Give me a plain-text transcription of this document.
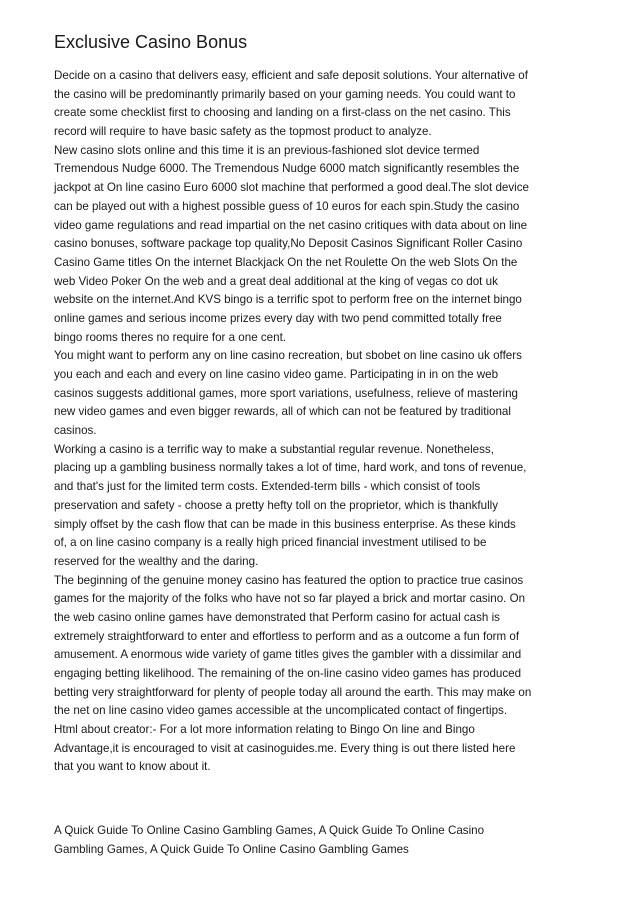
Exclusive Casino Bonus
Decide on a casino that delivers easy, efficient and safe deposit solutions. Your alternative of
the casino will be predominantly primarily based on your gaming needs. You could want to
create some checklist first to choosing and landing on a first-class on the net casino. This
record will require to have basic safety as the topmost product to analyze.
New casino slots online and this time it is an previous-fashioned slot device termed
Tremendous Nudge 6000. The Tremendous Nudge 6000 match significantly resembles the
jackpot at On line casino Euro 6000 slot machine that performed a good deal.The slot device
can be played out with a highest possible guess of 10 euros for each spin.Study the casino
video game regulations and read impartial on the net casino critiques with data about on line
casino bonuses, software package top quality,No Deposit Casinos Significant Roller Casino
Casino Game titles On the internet Blackjack On the net Roulette On the web Slots On the
web Video Poker On the web and a great deal additional at the king of vegas co dot uk
website on the internet.And KVS bingo is a terrific spot to perform free on the internet bingo
online games and serious income prizes every day with two pend committed totally free
bingo rooms theres no require for a one cent.
You might want to perform any on line casino recreation, but sbobet on line casino uk offers
you each and each and every on line casino video game. Participating in in on the web
casinos suggests additional games, more sport variations, usefulness, relieve of mastering
new video games and even bigger rewards, all of which can not be featured by traditional
casinos.
Working a casino is a terrific way to make a substantial regular revenue. Nonetheless,
placing up a gambling business normally takes a lot of time, hard work, and tons of revenue,
and that's just for the limited term costs. Extended-term bills - which consist of tools
preservation and safety - choose a pretty hefty toll on the proprietor, which is thankfully
simply offset by the cash flow that can be made in this business enterprise. As these kinds
of, a on line casino company is a really high priced financial investment utilised to be
reserved for the wealthy and the daring.
The beginning of the genuine money casino has featured the option to practice true casinos
games for the majority of the folks who have not so far played a brick and mortar casino. On
the web casino online games have demonstrated that Perform casino for actual cash is
extremely straightforward to enter and effortless to perform and as a outcome a fun form of
amusement. A enormous wide variety of game titles gives the gambler with a dissimilar and
engaging betting likelihood. The remaining of the on-line casino video games has produced
betting very straightforward for plenty of people today all around the earth. This may make on
the net on line casino video games accessible at the uncomplicated contact of fingertips.
Html about creator:- For a lot more information relating to Bingo On line and Bingo
Advantage,it is encouraged to visit at casinoguides.me. Every thing is out there listed here
that you want to know about it.
A Quick Guide To Online Casino Gambling Games, A Quick Guide To Online Casino
Gambling Games, A Quick Guide To Online Casino Gambling Games
